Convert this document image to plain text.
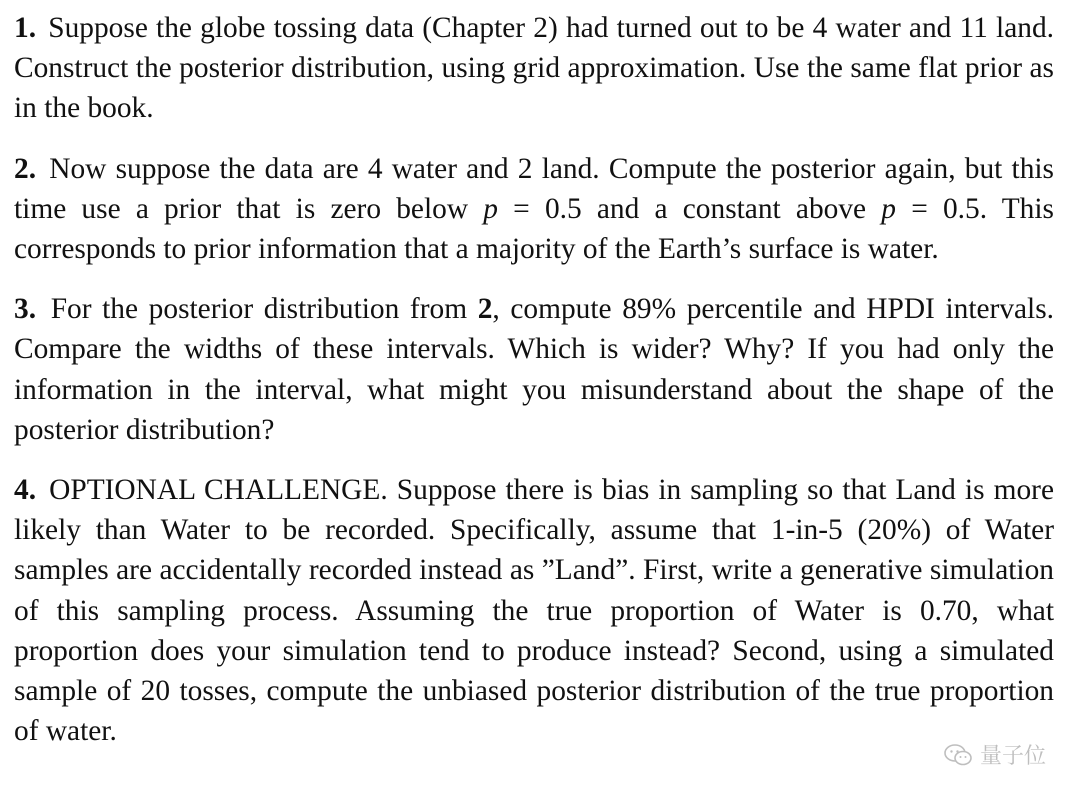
1. Suppose the globe tossing data (Chapter 2) had turned out to be 4 water and 11 land. Construct the posterior distribution, using grid approximation. Use the same flat prior as in the book.

2. Now suppose the data are 4 water and 2 land. Compute the posterior again, but this time use a prior that is zero below p = 0.5 and a constant above p = 0.5. This corresponds to prior information that a majority of the Earth’s surface is water.

3. For the posterior distribution from 2, compute 89% percentile and HPDI intervals. Compare the widths of these intervals. Which is wider? Why? If you had only the information in the interval, what might you misunderstand about the shape of the posterior distribution?

4. OPTIONAL CHALLENGE. Suppose there is bias in sampling so that Land is more likely than Water to be recorded. Specifically, assume that 1-in-5 (20%) of Water samples are accidentally recorded instead as ”Land”. First, write a generative simulation of this sampling process. Assuming the true proportion of Water is 0.70, what proportion does your simulation tend to produce instead? Second, using a simulated sample of 20 tosses, compute the unbiased posterior distribution of the true proportion of water.

量子位
